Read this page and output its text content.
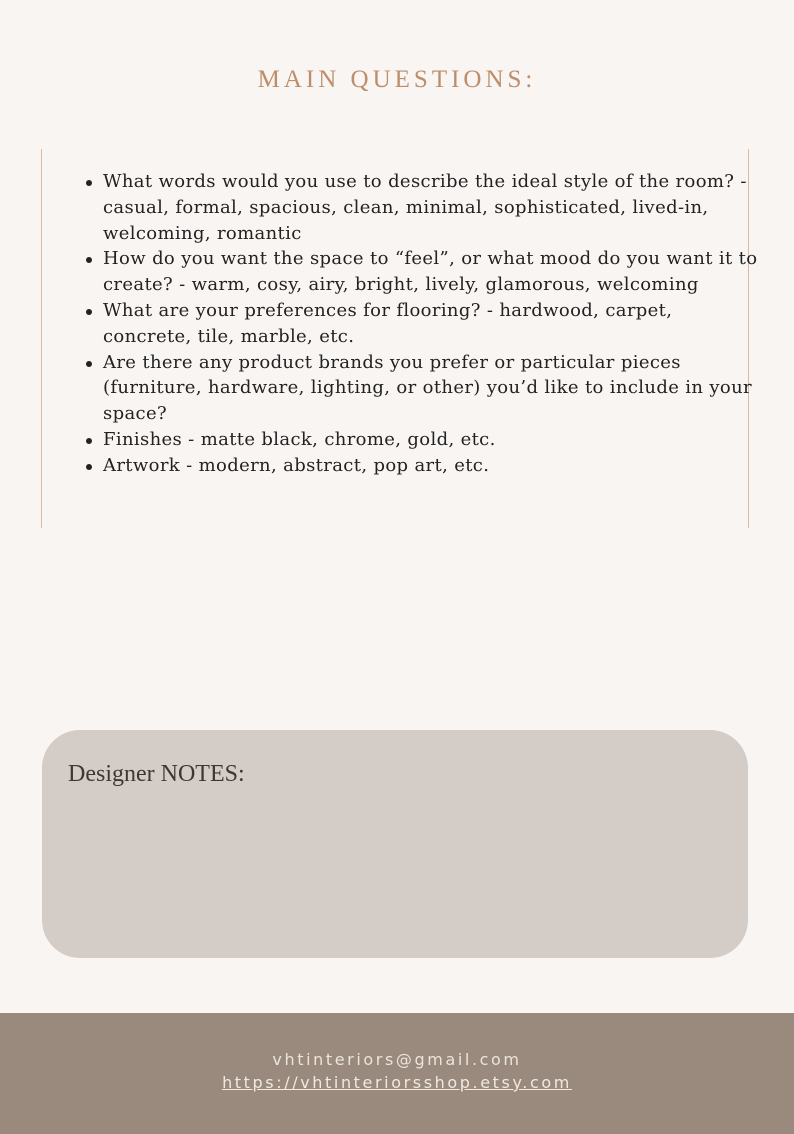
MAIN QUESTIONS:
What words would you use to describe the ideal style of the room? - casual, formal, spacious, clean, minimal, sophisticated, lived-in, welcoming, romantic
How do you want the space to “feel”, or what mood do you want it to create? - warm, cosy, airy, bright, lively, glamorous, welcoming
What are your preferences for flooring? - hardwood, carpet, concrete, tile, marble, etc.
Are there any product brands you prefer or particular pieces (furniture, hardware, lighting, or other) you’d like to include in your space?
Finishes - matte black, chrome, gold, etc.
Artwork - modern, abstract, pop art, etc.
Designer NOTES:

vhtinteriors@gmail.com

https://vhtinteriorsshop.etsy.com
